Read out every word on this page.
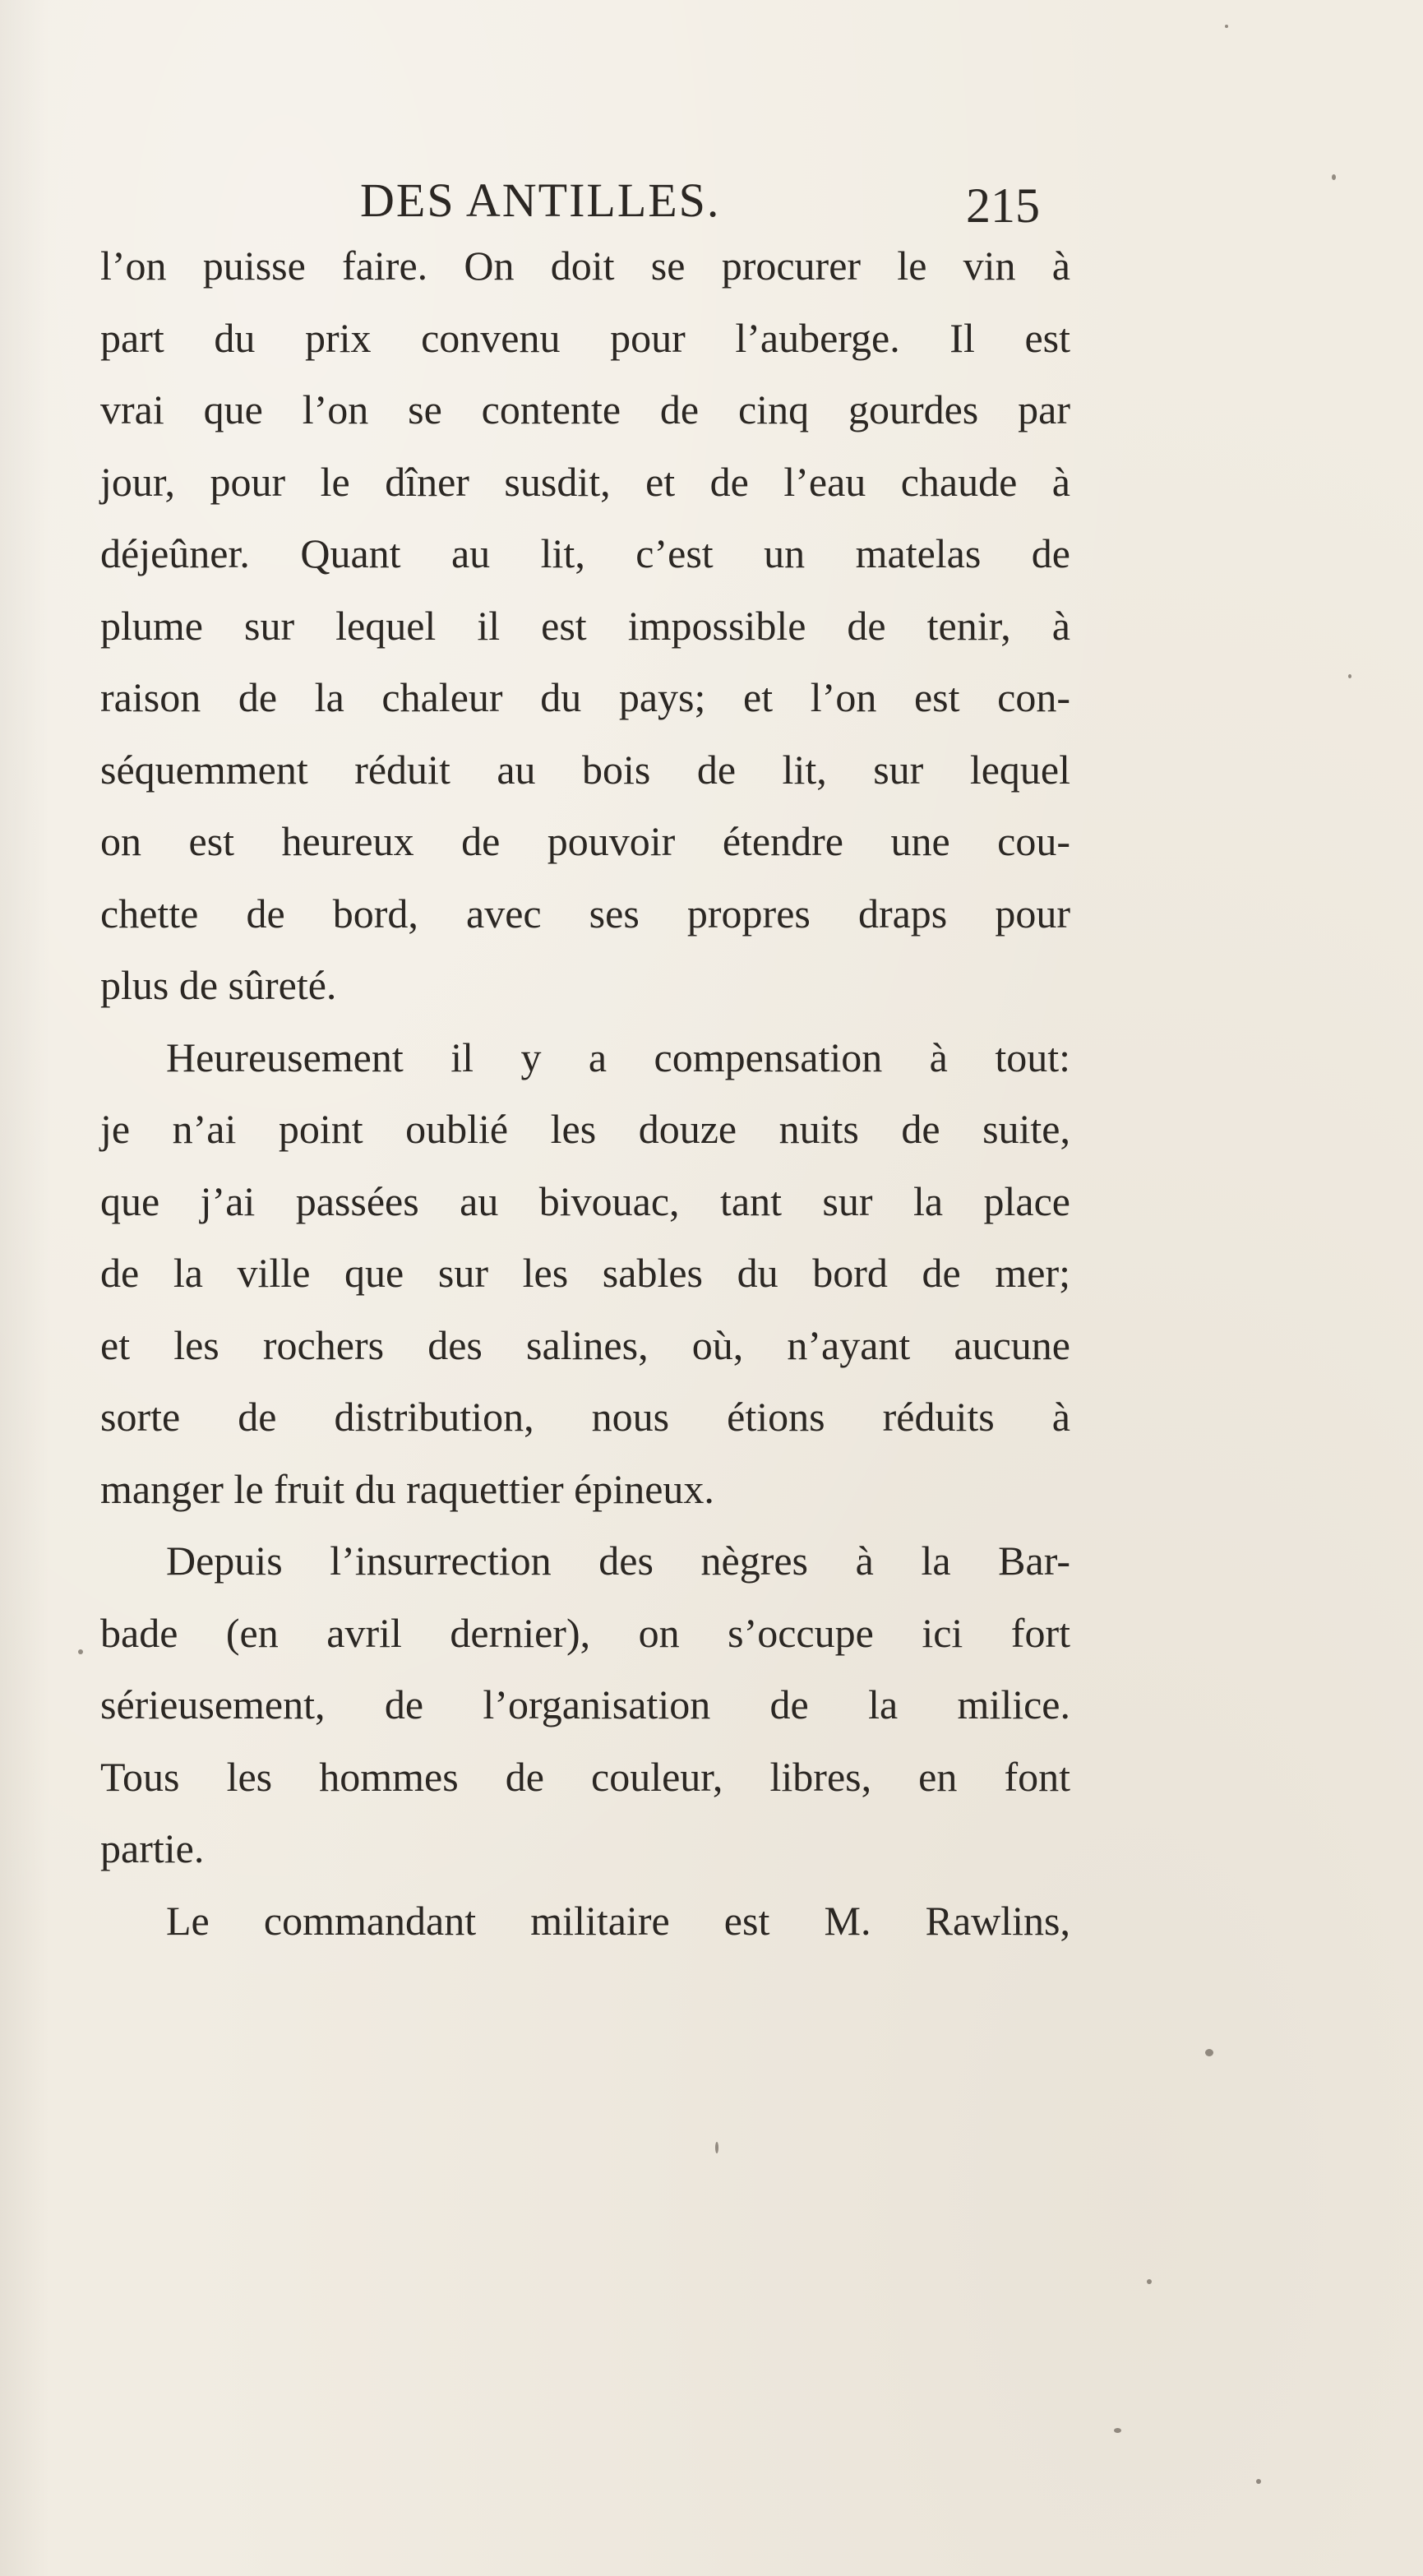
DES ANTILLES.	215
l’on puisse faire. On doit se procurer le vin à
part du prix convenu pour l’auberge. Il est
vrai que l’on se contente de cinq gourdes par
jour, pour le dîner susdit, et de l’eau chaude à
déjeûner. Quant au lit, c’est un matelas de
plume sur lequel il est impossible de tenir, à
raison de la chaleur du pays; et l’on est con-
séquemment réduit au bois de lit, sur lequel
on est heureux de pouvoir étendre une cou-
chette de bord, avec ses propres draps pour
plus de sûreté.
Heureusement il y a compensation à tout:
je n’ai point oublié les douze nuits de suite,
que j’ai passées au bivouac, tant sur la place
de la ville que sur les sables du bord de mer;
et les rochers des salines, où, n’ayant aucune
sorte de distribution, nous étions réduits à
manger le fruit du raquettier épineux.
Depuis l’insurrection des nègres à la Bar-
bade (en avril dernier), on s’occupe ici fort
sérieusement, de l’organisation de la milice.
Tous les hommes de couleur, libres, en font
partie.
Le commandant militaire est M. Rawlins,
